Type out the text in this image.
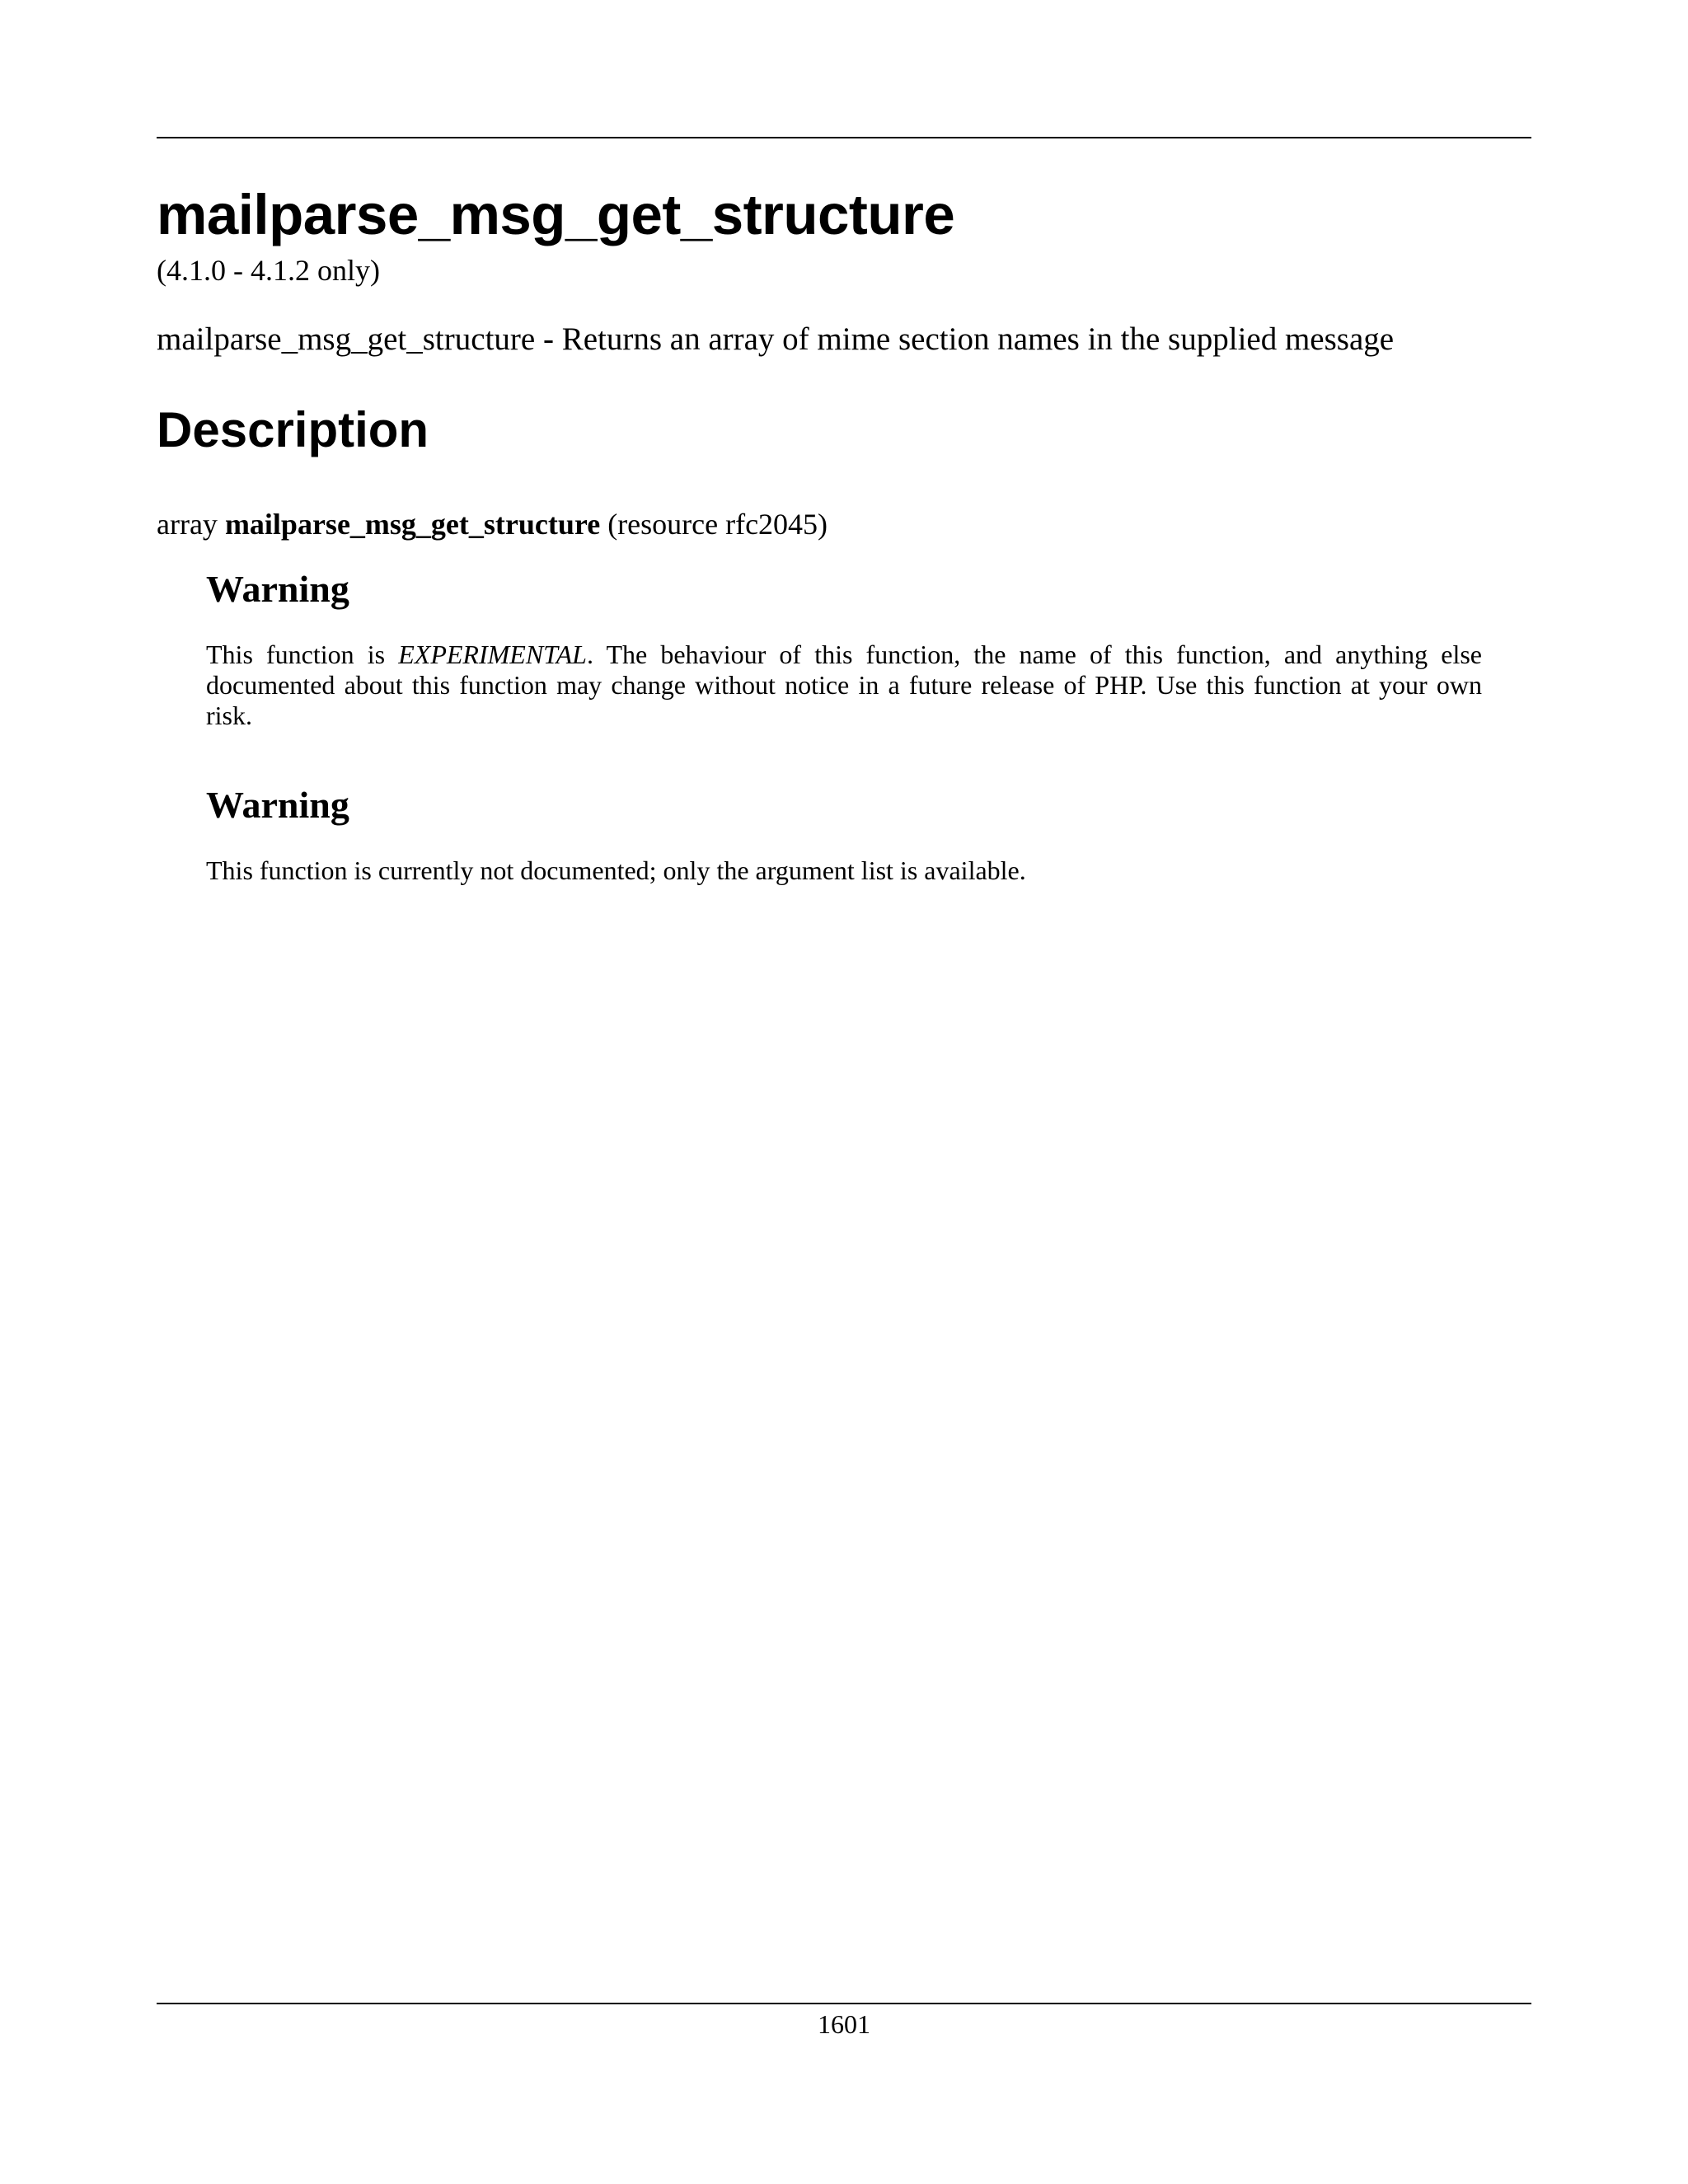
mailparse_msg_get_structure
(4.1.0 - 4.1.2 only)
mailparse_msg_get_structure - Returns an array of mime section names in the supplied message
Description
array mailparse_msg_get_structure (resource rfc2045)
Warning

This function is EXPERIMENTAL. The behaviour of this function, the name of this function, and anything else documented about this function may change without notice in a future release of PHP. Use this function at your own risk.

Warning

This function is currently not documented; only the argument list is available.

1601
